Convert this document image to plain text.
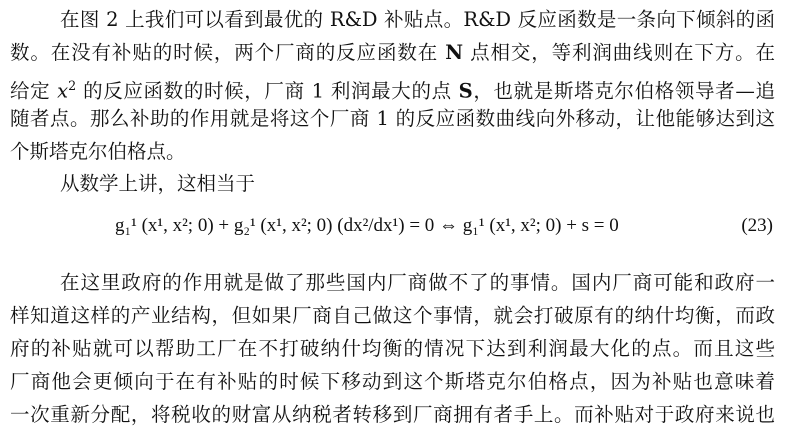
在图 2 上我们可以看到最优的 R&D 补贴点。R&D 反应函数是一条向下倾斜的函
数。在没有补贴的时候，两个厂商的反应函数在 N 点相交，等利润曲线则在下方。在
给定 $x^2$ 的反应函数的时候，厂商 1 利润最大的点 S，也就是斯塔克尔伯格领导者—追
随者点。那么补助的作用就是将这个厂商 1 的反应函数曲线向外移动，让他能够达到这
个斯塔克尔伯格点。
从数学上讲，这相当于
g₁¹ (x¹, x²; 0) + g₂¹ (x¹, x²; 0) (dx²/dx¹) = 0 ⇔ g₁¹ (x¹, x²; 0) + s = 0	(23)
在这里政府的作用就是做了那些国内厂商做不了的事情。国内厂商可能和政府一
样知道这样的产业结构，但如果厂商自己做这个事情，就会打破原有的纳什均衡，而政
府的补贴就可以帮助工厂在不打破纳什均衡的情况下达到利润最大化的点。而且这些
厂商他会更倾向于在有补贴的时候下移动到这个斯塔克尔伯格点，因为补贴也意味着
一次重新分配，将税收的财富从纳税者转移到厂商拥有者手上。而补贴对于政府来说也
